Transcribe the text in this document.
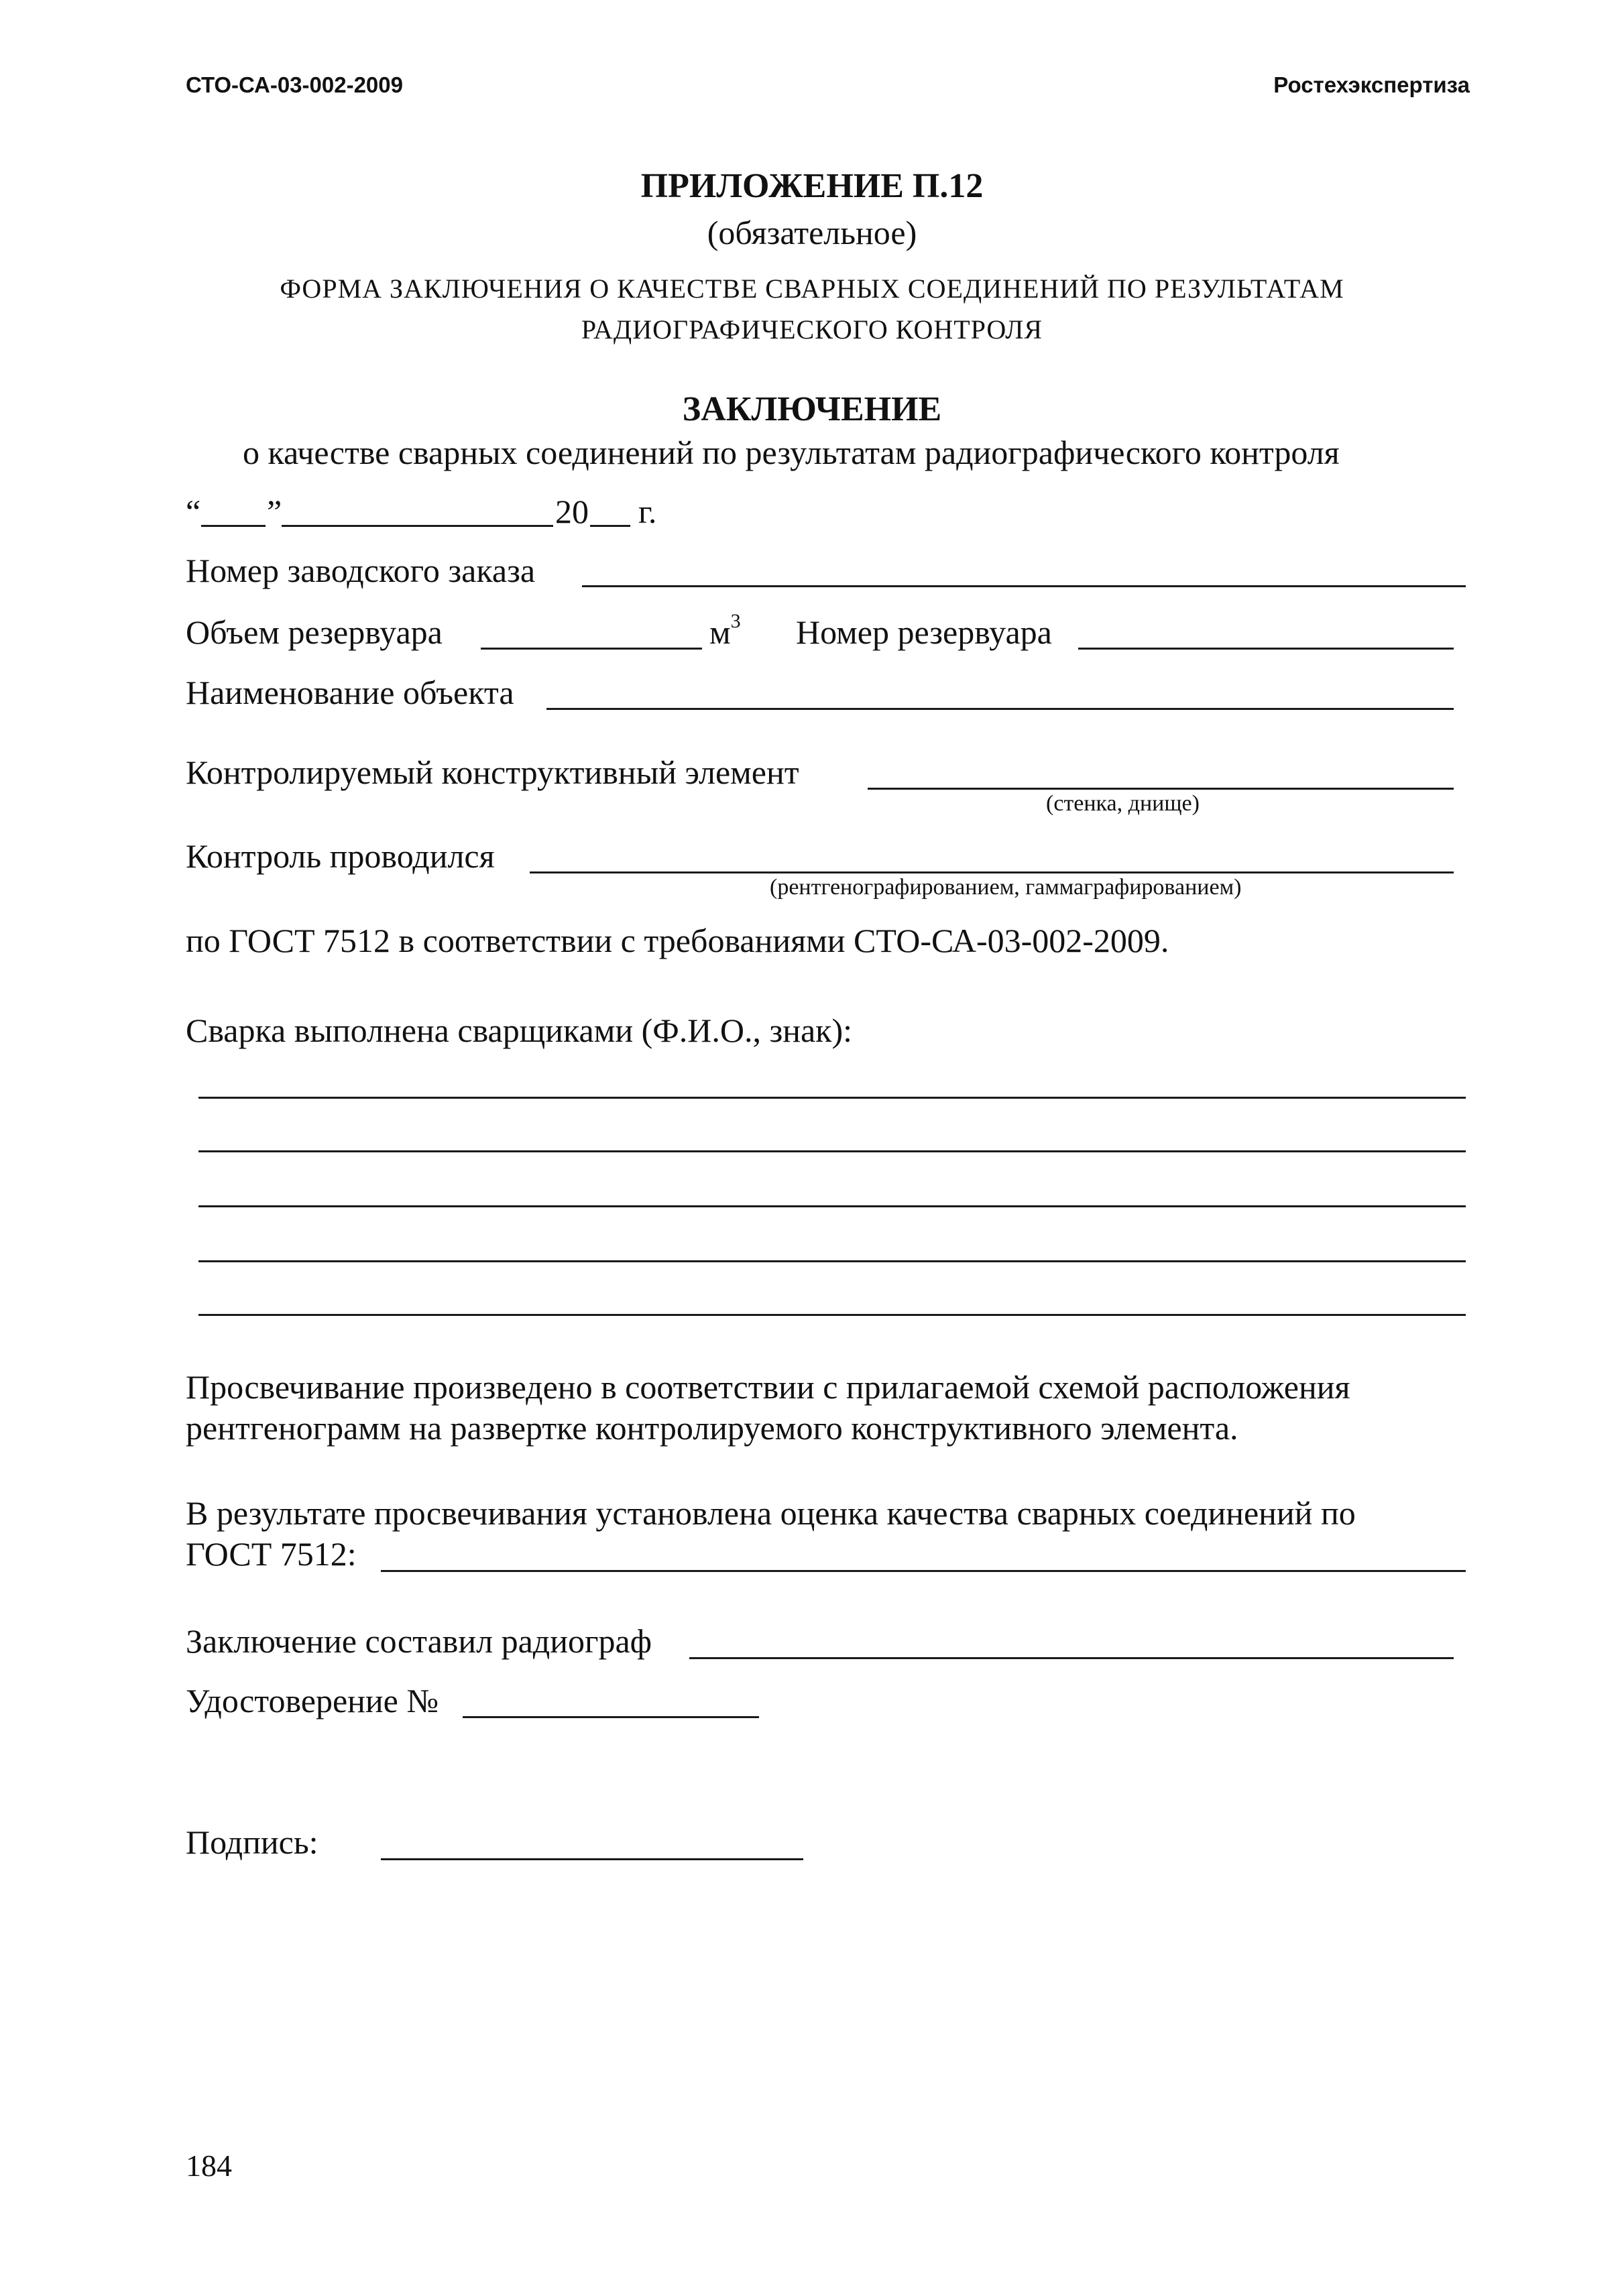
СТО-СА-03-002-2009	Ростехэкспертиза
ПРИЛОЖЕНИЕ П.12
(обязательное)
ФОРМА ЗАКЛЮЧЕНИЯ О КАЧЕСТВЕ СВАРНЫХ СОЕДИНЕНИЙ ПО РЕЗУЛЬТАТАМ
РАДИОГРАФИЧЕСКОГО КОНТРОЛЯ
ЗАКЛЮЧЕНИЕ
о качестве сварных соединений по результатам радиографического контроля
“ ”	20 г.
Номер заводского заказа
Объем резервуара	$м^3$ Номер резервуара
Наименование объекта
Контролируемый конструктивный элемент
(стенка, днище)
Контроль проводился
(рентгенографированием, гаммаграфированием)
по ГОСТ 7512 в соответствии с требованиями СТО-СА-03-002-2009.
Сварка выполнена сварщиками (Ф.И.О., знак):
Просвечивание произведено в соответствии с прилагаемой схемой расположения
рентгенограмм на развертке контролируемого конструктивного элемента.
В результате просвечивания установлена оценка качества сварных соединений по
ГОСТ 7512:
Заключение составил радиограф
Удостоверение №
Подпись:
184
